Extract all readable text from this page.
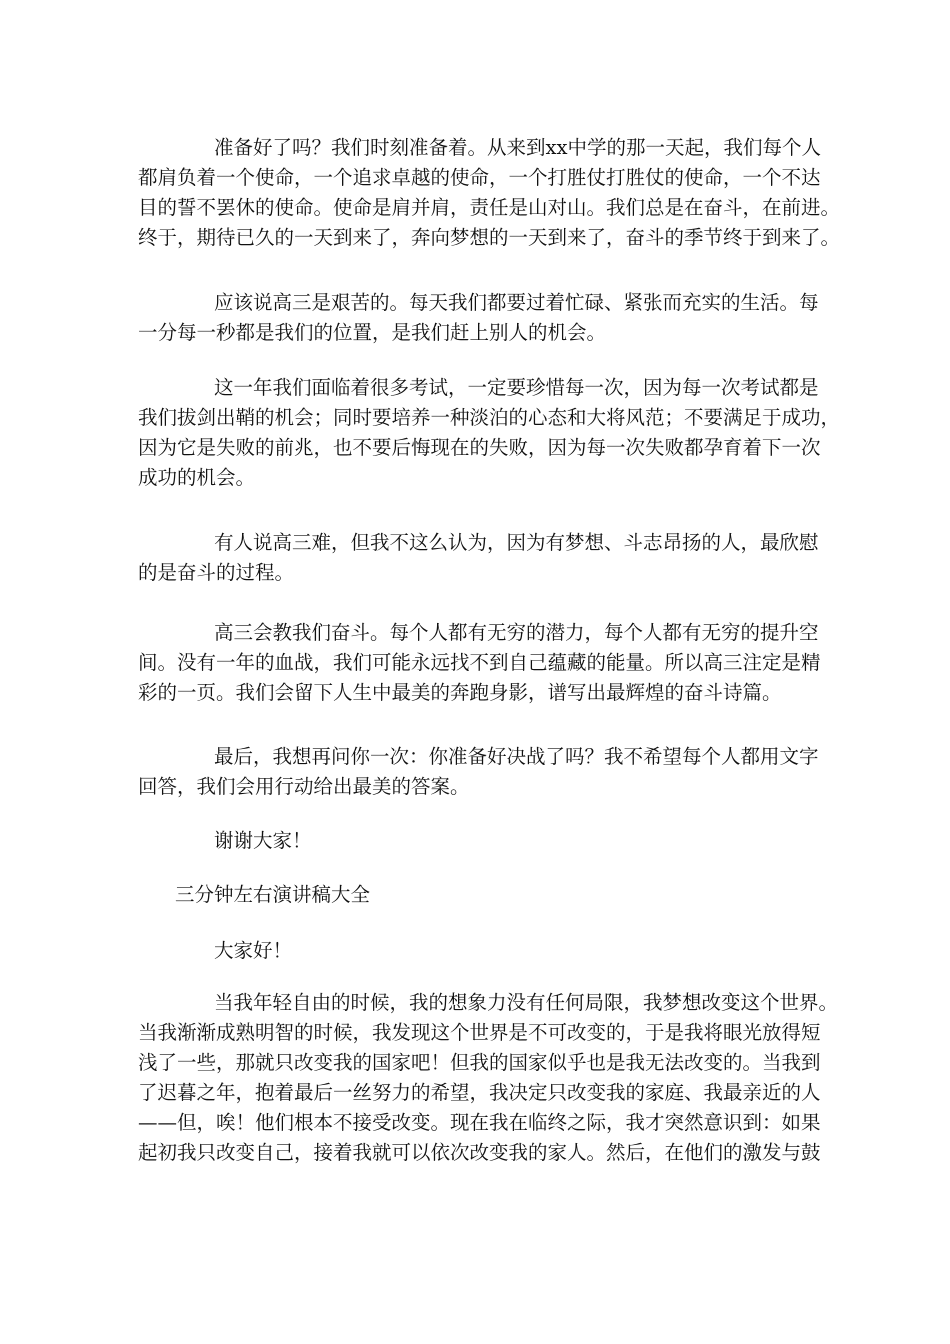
准备好了吗？我们时刻准备着。从来到xx中学的那一天起，我们每个人
都肩负着一个使命，一个追求卓越的使命，一个打胜仗打胜仗的使命，一个不达
目的誓不罢休的使命。使命是肩并肩，责任是山对山。我们总是在奋斗，在前进。
终于，期待已久的一天到来了，奔向梦想的一天到来了，奋斗的季节终于到来了。
应该说高三是艰苦的。每天我们都要过着忙碌、紧张而充实的生活。每
一分每一秒都是我们的位置，是我们赶上别人的机会。
这一年我们面临着很多考试，一定要珍惜每一次，因为每一次考试都是
我们拔剑出鞘的机会；同时要培养一种淡泊的心态和大将风范；不要满足于成功，
因为它是失败的前兆，也不要后悔现在的失败，因为每一次失败都孕育着下一次
成功的机会。
有人说高三难，但我不这么认为，因为有梦想、斗志昂扬的人，最欣慰
的是奋斗的过程。
高三会教我们奋斗。每个人都有无穷的潜力，每个人都有无穷的提升空
间。没有一年的血战，我们可能永远找不到自己蕴藏的能量。所以高三注定是精
彩的一页。我们会留下人生中最美的奔跑身影，谱写出最辉煌的奋斗诗篇。
最后，我想再问你一次：你准备好决战了吗？我不希望每个人都用文字
回答，我们会用行动给出最美的答案。
谢谢大家！
三分钟左右演讲稿大全
大家好！
当我年轻自由的时候，我的想象力没有任何局限，我梦想改变这个世界。
当我渐渐成熟明智的时候，我发现这个世界是不可改变的，于是我将眼光放得短
浅了一些，那就只改变我的国家吧！但我的国家似乎也是我无法改变的。当我到
了迟暮之年，抱着最后一丝努力的希望，我决定只改变我的家庭、我最亲近的人
——但，唉！他们根本不接受改变。现在我在临终之际，我才突然意识到：如果
起初我只改变自己，接着我就可以依次改变我的家人。然后，在他们的激发与鼓
